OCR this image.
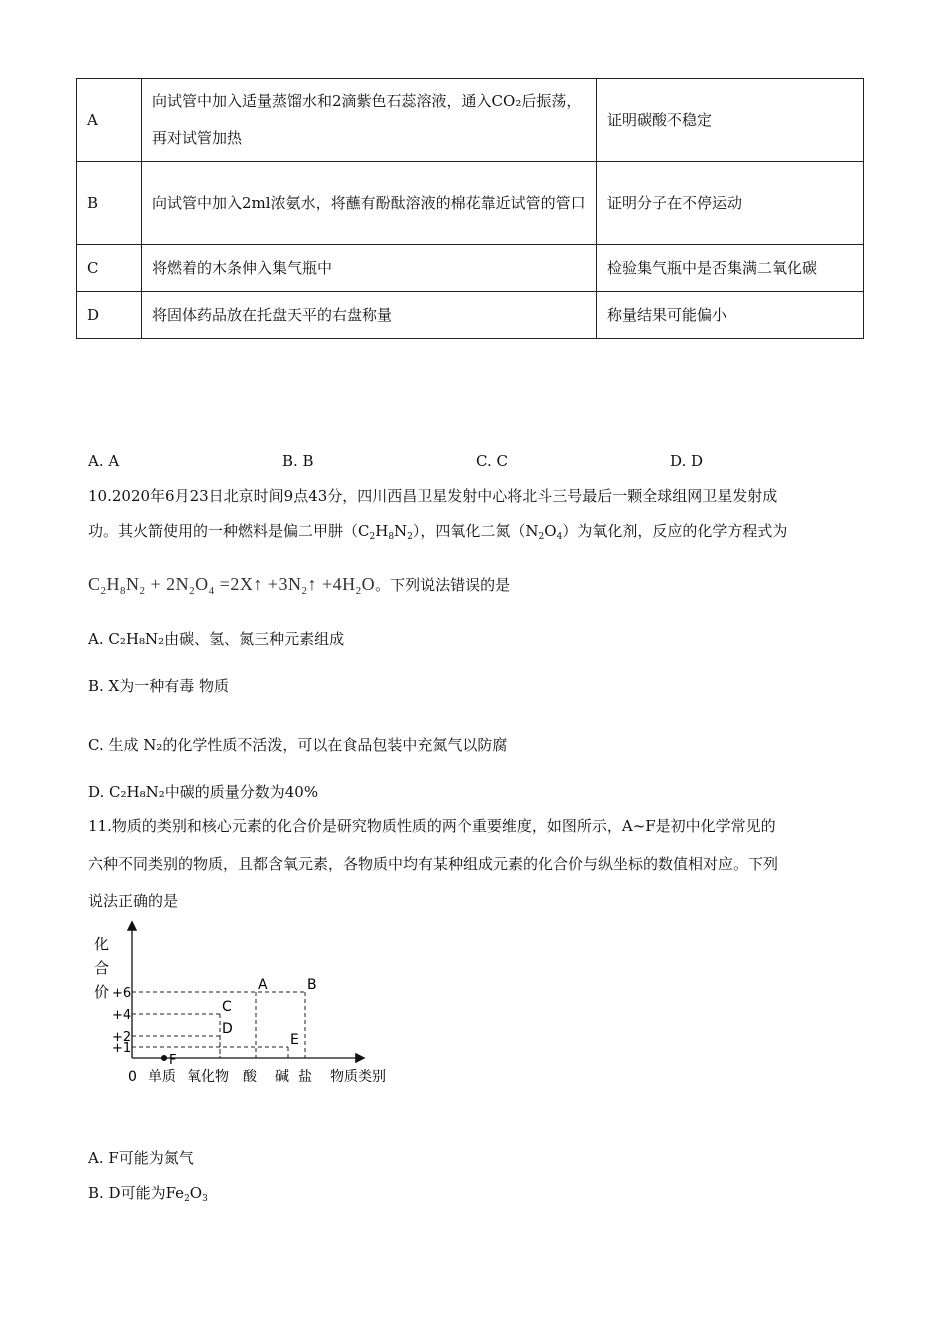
A	向试管中加入适量蒸馏水和2滴紫色石蕊溶液，通入CO₂后振荡，再对试管加热	证明碳酸不稳定
B	向试管中加入2ml浓氨水，将蘸有酚酞溶液的棉花靠近试管的管口	证明分子在不停运动
C	将燃着的木条伸入集气瓶中	检验集气瓶中是否集满二氧化碳
D	将固体药品放在托盘天平的右盘称量	称量结果可能偏小
A. A	B. B	C. C	D. D
10.2020年6月23日北京时间9点43分，四川西昌卫星发射中心将北斗三号最后一颗全球组网卫星发射成
功。其火箭使用的一种燃料是偏二甲肼$(C_2H_8N_2)$，四氧化二氮$(N_2O_4)$为氧化剂，反应的化学方程式为
$C_2H_8N_2 + 2N_2O_4$ =2X↑ $+3N_2↑ +4H_2O$。下列说法错误的是
A. C₂H₈N₂由碳、氢、氮三种元素组成
B. X为一种有毒 物质
C. 生成 N₂的化学性质不活泼，可以在食品包装中充氮气以防腐
D. C₂H₈N₂中碳的质量分数为40%
11.物质的类别和核心元素的化合价是研究物质性质的两个重要维度，如图所示，A~F是初中化学常见的
六种不同类别的物质，且都含氧元素，各物质中均有某种组成元素的化合价与纵坐标的数值相对应。下列
说法正确的是
化
合
价
0	物质类别
+6
+4
+2
+1
单质 氧化物 酸 碱 盐
A	B
C
D
E
F
A. F可能为氮气
B. D可能为$Fe_2O_3$
